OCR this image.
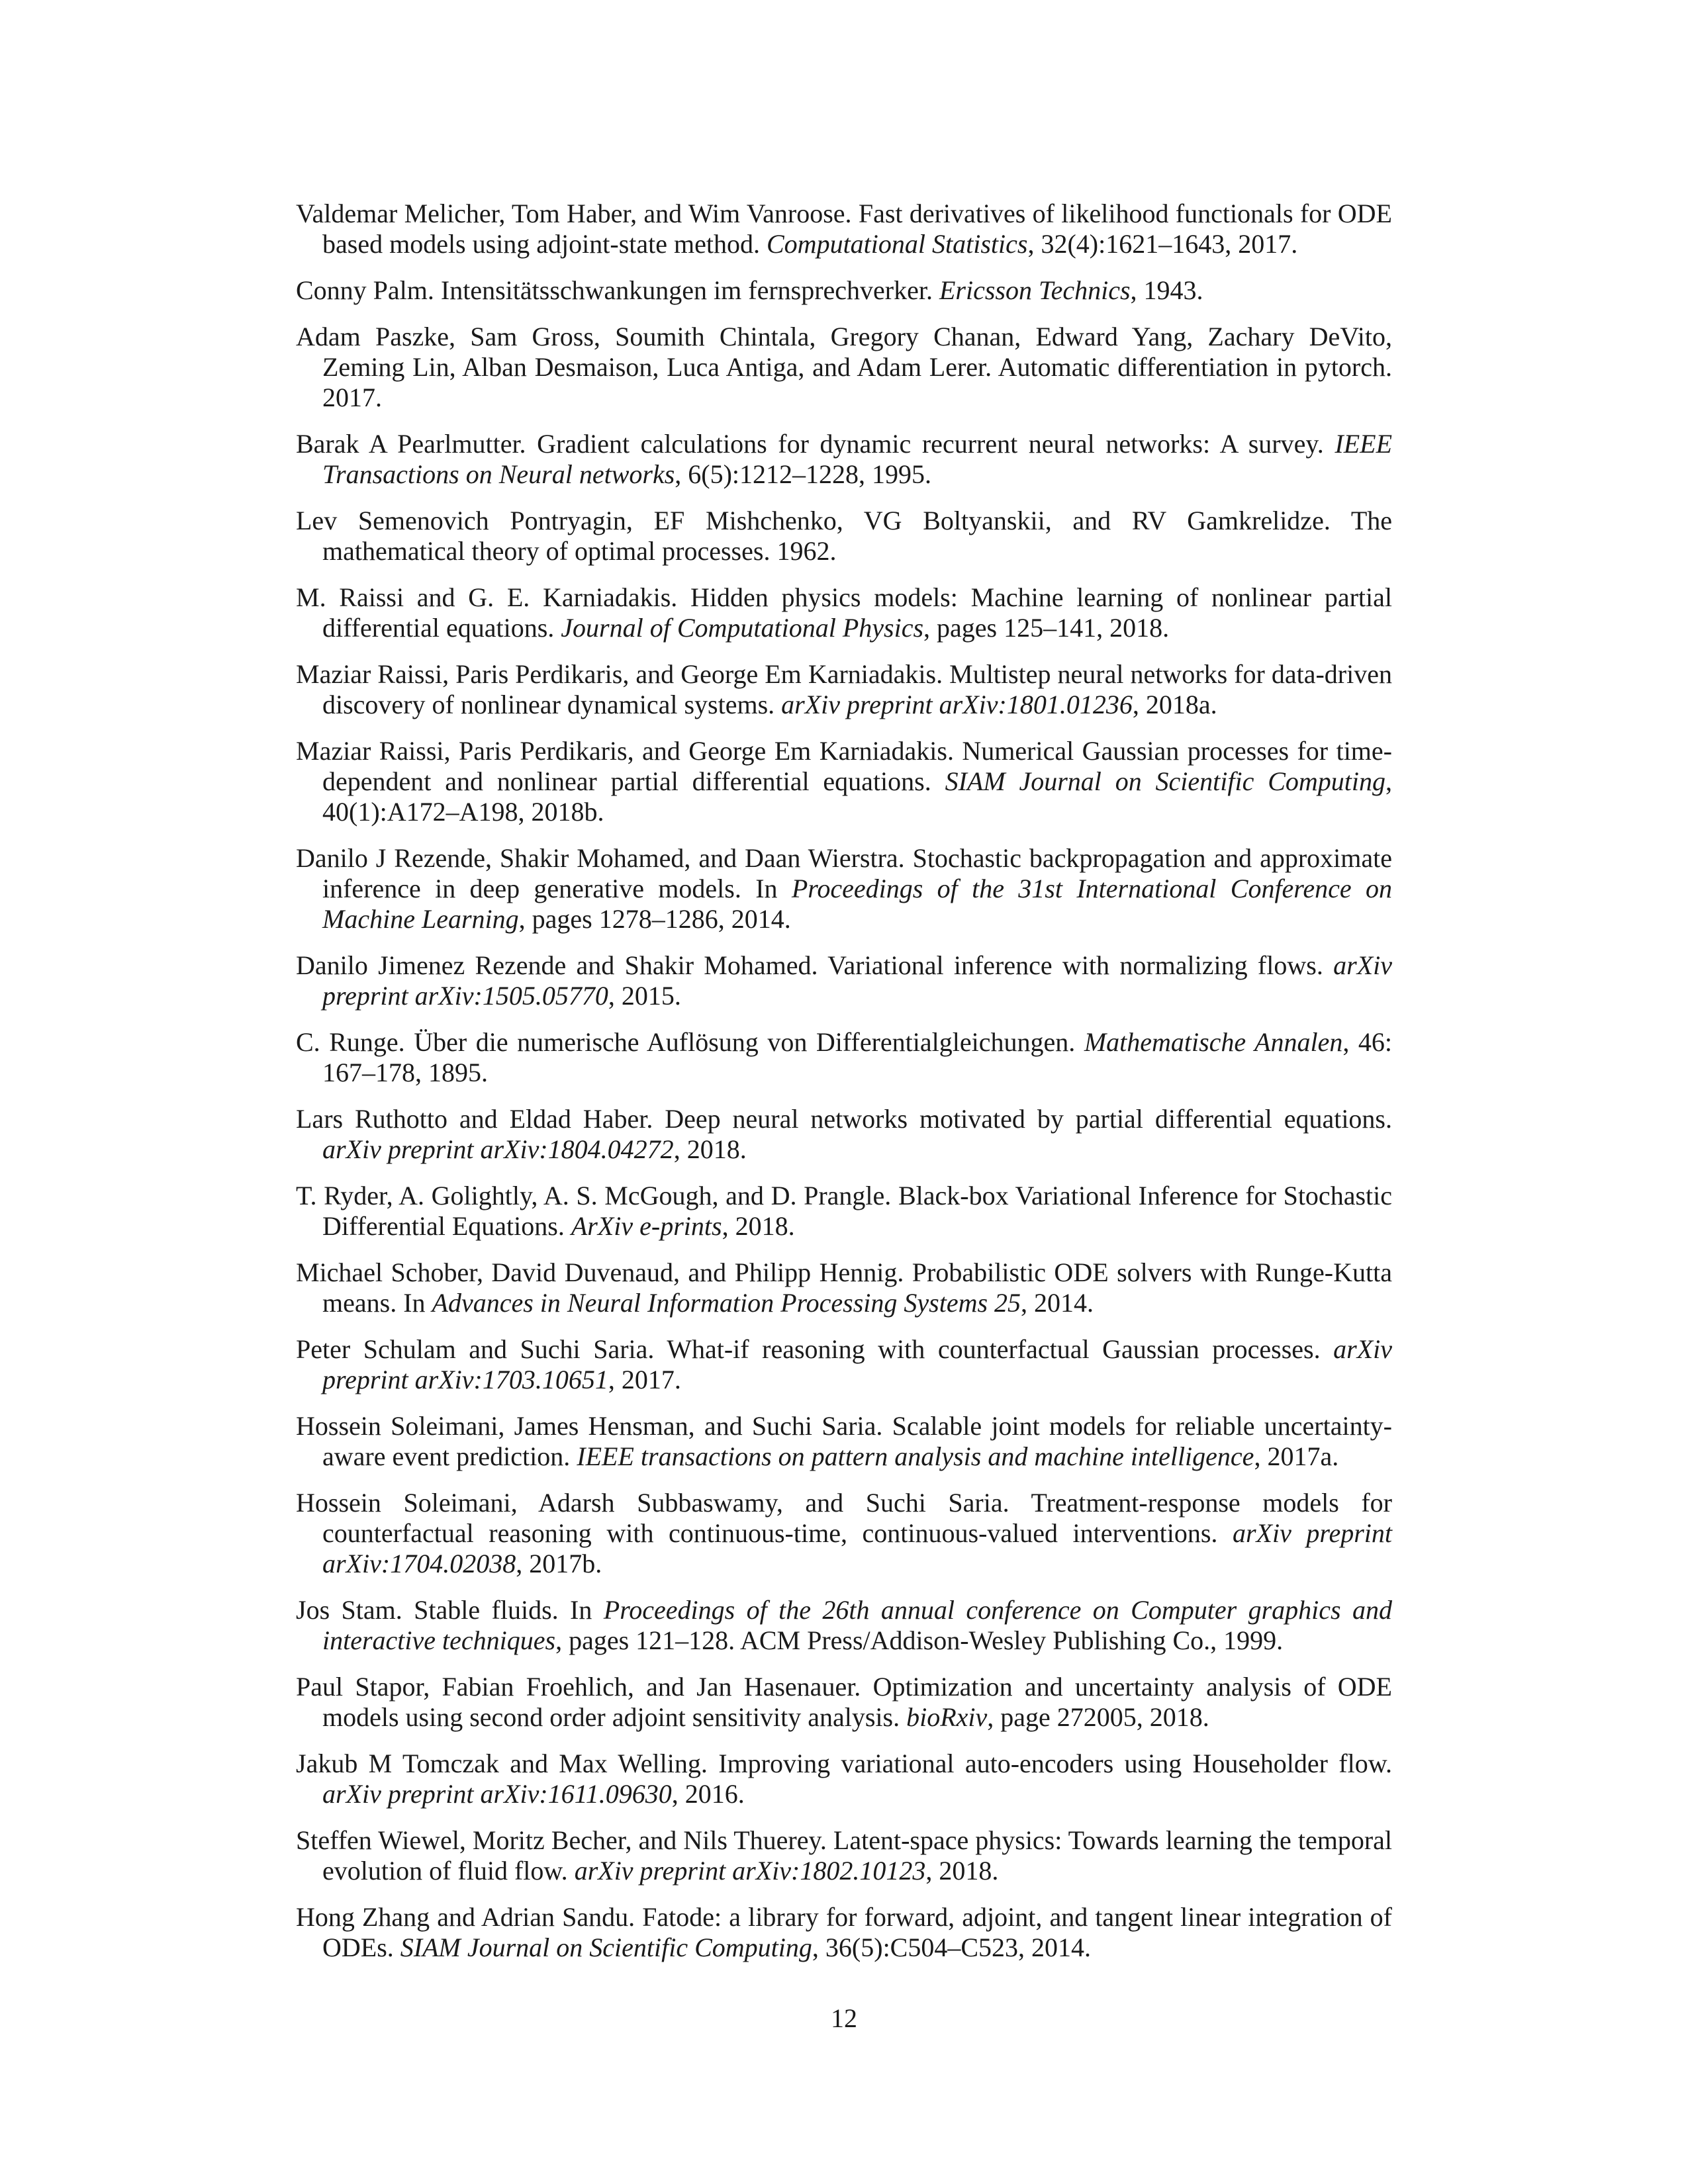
Valdemar Melicher, Tom Haber, and Wim Vanroose. Fast derivatives of likelihood functionals for ODE based models using adjoint-state method. Computational Statistics, 32(4):1621–1643, 2017.
Conny Palm. Intensitätsschwankungen im fernsprechverker. Ericsson Technics, 1943.
Adam Paszke, Sam Gross, Soumith Chintala, Gregory Chanan, Edward Yang, Zachary DeVito, Zeming Lin, Alban Desmaison, Luca Antiga, and Adam Lerer. Automatic differentiation in pytorch. 2017.
Barak A Pearlmutter. Gradient calculations for dynamic recurrent neural networks: A survey. IEEE Transactions on Neural networks, 6(5):1212–1228, 1995.
Lev Semenovich Pontryagin, EF Mishchenko, VG Boltyanskii, and RV Gamkrelidze. The mathematical theory of optimal processes. 1962.
M. Raissi and G. E. Karniadakis. Hidden physics models: Machine learning of nonlinear partial differential equations. Journal of Computational Physics, pages 125–141, 2018.
Maziar Raissi, Paris Perdikaris, and George Em Karniadakis. Multistep neural networks for data-driven discovery of nonlinear dynamical systems. arXiv preprint arXiv:1801.01236, 2018a.
Maziar Raissi, Paris Perdikaris, and George Em Karniadakis. Numerical Gaussian processes for time-dependent and nonlinear partial differential equations. SIAM Journal on Scientific Computing, 40(1):A172–A198, 2018b.
Danilo J Rezende, Shakir Mohamed, and Daan Wierstra. Stochastic backpropagation and approximate inference in deep generative models. In Proceedings of the 31st International Conference on Machine Learning, pages 1278–1286, 2014.
Danilo Jimenez Rezende and Shakir Mohamed. Variational inference with normalizing flows. arXiv preprint arXiv:1505.05770, 2015.
C. Runge. Über die numerische Auflösung von Differentialgleichungen. Mathematische Annalen, 46: 167–178, 1895.
Lars Ruthotto and Eldad Haber. Deep neural networks motivated by partial differential equations. arXiv preprint arXiv:1804.04272, 2018.
T. Ryder, A. Golightly, A. S. McGough, and D. Prangle. Black-box Variational Inference for Stochastic Differential Equations. ArXiv e-prints, 2018.
Michael Schober, David Duvenaud, and Philipp Hennig. Probabilistic ODE solvers with Runge-Kutta means. In Advances in Neural Information Processing Systems 25, 2014.
Peter Schulam and Suchi Saria. What-if reasoning with counterfactual Gaussian processes. arXiv preprint arXiv:1703.10651, 2017.
Hossein Soleimani, James Hensman, and Suchi Saria. Scalable joint models for reliable uncertainty-aware event prediction. IEEE transactions on pattern analysis and machine intelligence, 2017a.
Hossein Soleimani, Adarsh Subbaswamy, and Suchi Saria. Treatment-response models for counterfactual reasoning with continuous-time, continuous-valued interventions. arXiv preprint arXiv:1704.02038, 2017b.
Jos Stam. Stable fluids. In Proceedings of the 26th annual conference on Computer graphics and interactive techniques, pages 121–128. ACM Press/Addison-Wesley Publishing Co., 1999.
Paul Stapor, Fabian Froehlich, and Jan Hasenauer. Optimization and uncertainty analysis of ODE models using second order adjoint sensitivity analysis. bioRxiv, page 272005, 2018.
Jakub M Tomczak and Max Welling. Improving variational auto-encoders using Householder flow. arXiv preprint arXiv:1611.09630, 2016.
Steffen Wiewel, Moritz Becher, and Nils Thuerey. Latent-space physics: Towards learning the temporal evolution of fluid flow. arXiv preprint arXiv:1802.10123, 2018.
Hong Zhang and Adrian Sandu. Fatode: a library for forward, adjoint, and tangent linear integration of ODEs. SIAM Journal on Scientific Computing, 36(5):C504–C523, 2014.
12
